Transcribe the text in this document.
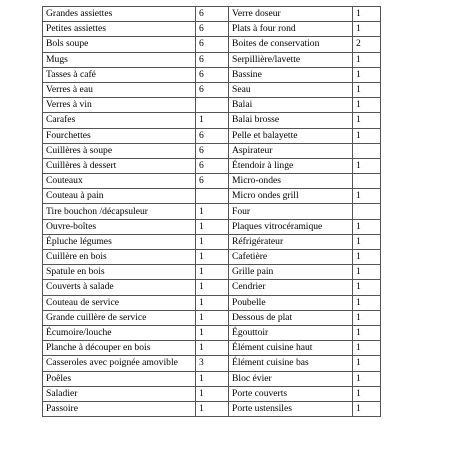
Grandes assiettes	6	Verre doseur	1
Petites assiettes	6	Plats à four rond	1
Bols soupe	6	Boites de conservation	2
Mugs	6	Serpillière/lavette	1
Tasses à café	6	Bassine	1
Verres à eau	6	Seau	1
Verres à vin		Balai	1
Carafes	1	Balai brosse	1
Fourchettes	6	Pelle et balayette	1
Cuillères à soupe	6	Aspirateur	
Cuillères à dessert	6	Étendoir à linge	1
Couteaux	6	Micro-ondes	
Couteau à pain		Micro ondes grill	1
Tire bouchon /décapsuleur	1	Four	
Ouvre-boîtes	1	Plaques vitrocéramique	1
Épluche légumes	1	Réfrigérateur	1
Cuillère en bois	1	Cafetière	1
Spatule en bois	1	Grille pain	1
Couverts à salade	1	Cendrier	1
Couteau de service	1	Poubelle	1
Grande cuillère de service	1	Dessous de plat	1
Écumoire/louche	1	Égouttoir	1
Planche à découper en bois	1	Élément cuisine haut	1
Casseroles avec poignée amovible	3	Élément cuisine bas	1
Poêles	1	Bloc évier	1
Saladier	1	Porte couverts	1
Passoire	1	Porte ustensiles	1
